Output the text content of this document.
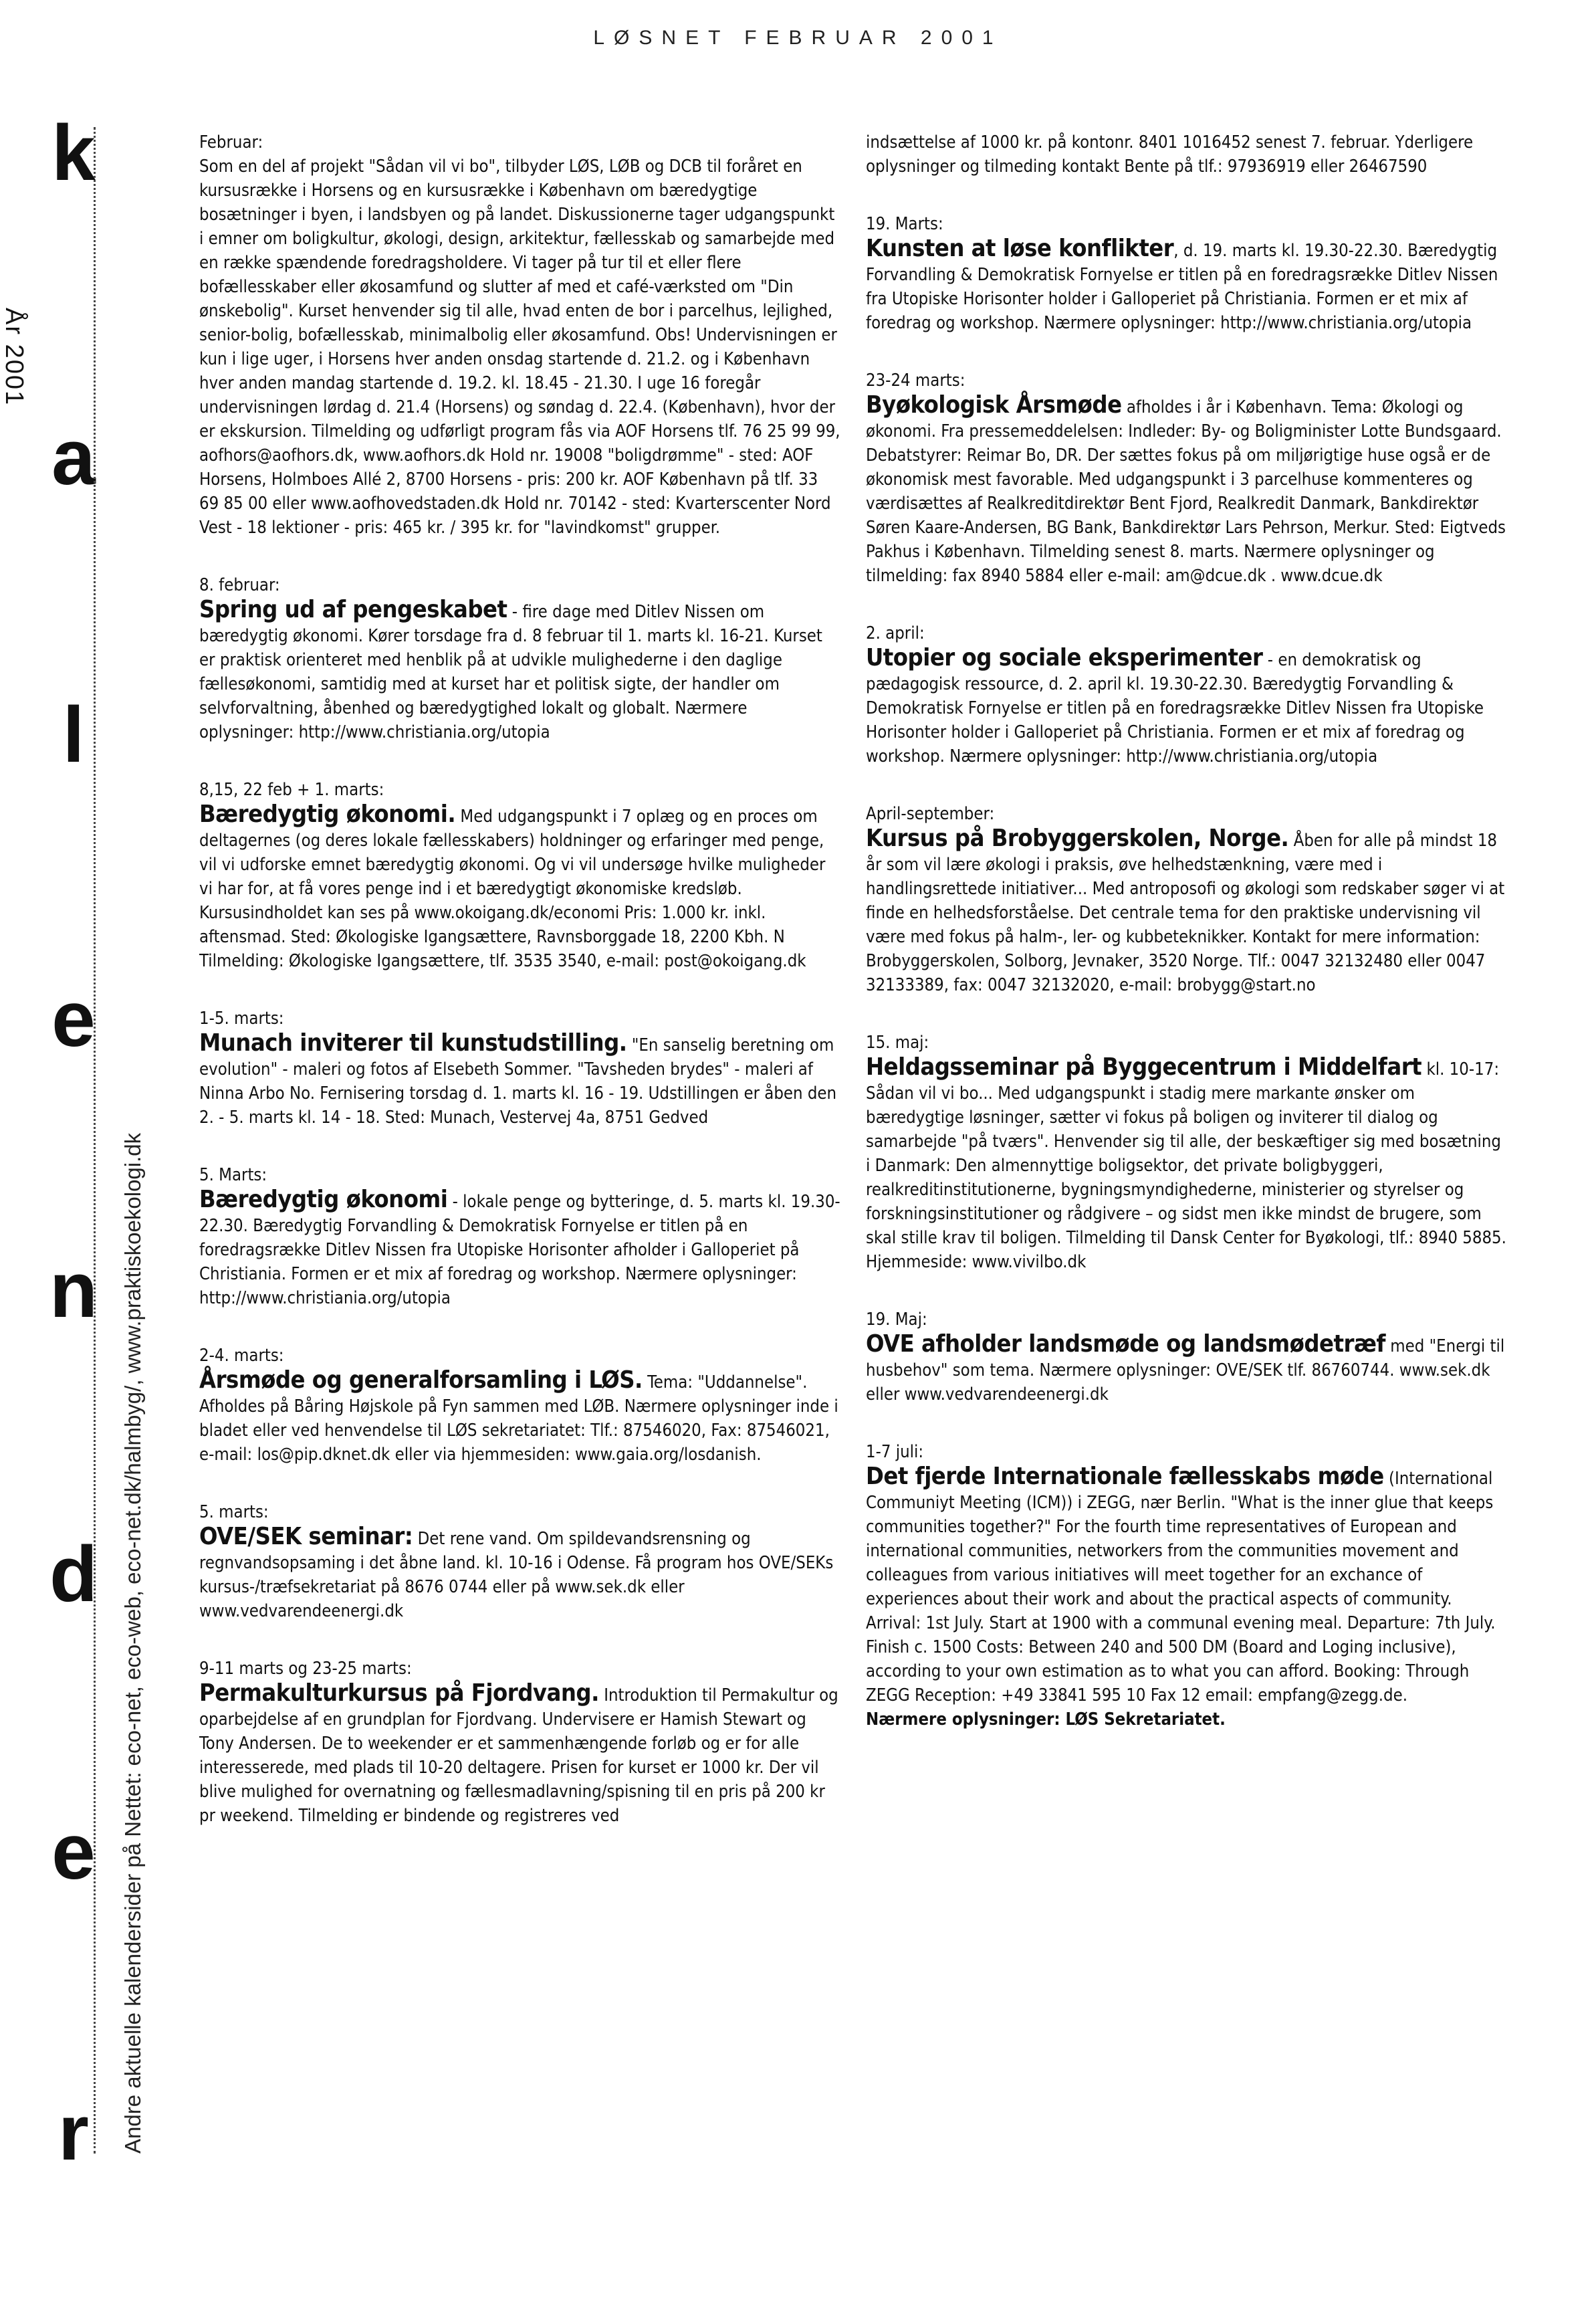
LØSNET FEBRUAR 2001
k
a
l
e
n
d
e
r
År 2001
Andre aktuelle kalendersider på Nettet: eco-net, eco-web, eco-net.dk/halmbyg/, www.praktiskoekologi.dk
Februar:
Som en del af projekt "Sådan vil vi bo", tilbyder LØS, LØB og DCB til foråret en kursusrække i Horsens og en kursusrække i København om bæredygtige bosætninger i byen, i landsbyen og på landet. Diskussionerne tager udgangspunkt i emner om boligkultur, økologi, design, arkitektur, fællesskab og samarbejde med en række spændende foredragsholdere. Vi tager på tur til et eller flere bofællesskaber eller økosamfund og slutter af med et café-værksted om "Din ønskebolig". Kurset henvender sig til alle, hvad enten de bor i parcelhus, lejlighed, senior-bolig, bofællesskab, minimalbolig eller økosamfund. Obs! Undervisningen er kun i lige uger, i Horsens hver anden onsdag startende d. 21.2. og i København hver anden mandag startende d. 19.2. kl. 18.45 - 21.30. I uge 16 foregår undervisningen lørdag d. 21.4 (Horsens) og søndag d. 22.4. (København), hvor der er ekskursion. Tilmelding og udførligt program fås via AOF Horsens tlf. 76 25 99 99, aofhors@aofhors.dk, www.aofhors.dk Hold nr. 19008 "boligdrømme" - sted: AOF Horsens, Holmboes Allé 2, 8700 Horsens - pris: 200 kr. AOF København på tlf. 33 69 85 00 eller www.aofhovedstaden.dk Hold nr. 70142 - sted: Kvarterscenter Nord Vest - 18 lektioner - pris: 465 kr. / 395 kr. for "lavindkomst" grupper.
8. februar:
Spring ud af pengeskabet - fire dage med Ditlev Nissen om bæredygtig økonomi. Kører torsdage fra d. 8 februar til 1. marts kl. 16-21. Kurset er praktisk orienteret med henblik på at udvikle mulighederne i den daglige fællesøkonomi, samtidig med at kurset har et politisk sigte, der handler om selvforvaltning, åbenhed og bæredygtighed lokalt og globalt. Nærmere oplysninger: http://www.christiania.org/utopia
8,15, 22 feb + 1. marts:
Bæredygtig økonomi. Med udgangspunkt i 7 oplæg og en proces om deltagernes (og deres lokale fællesskabers) holdninger og erfaringer med penge, vil vi udforske emnet bæredygtig økonomi. Og vi vil undersøge hvilke muligheder vi har for, at få vores penge ind i et bæredygtigt økonomiske kredsløb. Kursusindholdet kan ses på www.okoigang.dk/economi Pris: 1.000 kr. inkl. aftensmad. Sted: Økologiske Igangsættere, Ravnsborggade 18, 2200 Kbh. N Tilmelding: Økologiske Igangsættere, tlf. 3535 3540, e-mail: post@okoigang.dk
1-5. marts:
Munach inviterer til kunstudstilling. "En sanselig beretning om evolution" - maleri og fotos af Elsebeth Sommer. "Tavsheden brydes" - maleri af Ninna Arbo No. Fernisering torsdag d. 1. marts kl. 16 - 19. Udstillingen er åben den 2. - 5. marts kl. 14 - 18. Sted: Munach, Vestervej 4a, 8751 Gedved
5. Marts:
Bæredygtig økonomi - lokale penge og bytteringe, d. 5. marts kl. 19.30-22.30. Bæredygtig Forvandling & Demokratisk Fornyelse er titlen på en foredragsrække Ditlev Nissen fra Utopiske Horisonter afholder i Galloperiet på Christiania. Formen er et mix af foredrag og workshop. Nærmere oplysninger: http://www.christiania.org/utopia
2-4. marts:
Årsmøde og generalforsamling i LØS. Tema: "Uddannelse". Afholdes på Båring Højskole på Fyn sammen med LØB. Nærmere oplysninger inde i bladet eller ved henvendelse til LØS sekretariatet: Tlf.: 87546020, Fax: 87546021, e-mail: los@pip.dknet.dk eller via hjemmesiden: www.gaia.org/losdanish.
5. marts:
OVE/SEK seminar: Det rene vand. Om spildevandsrensning og regnvandsopsaming i det åbne land. kl. 10-16 i Odense. Få program hos OVE/SEKs kursus-/træfsekretariat på 8676 0744 eller på www.sek.dk eller www.vedvarendeenergi.dk
9-11 marts og 23-25 marts:
Permakulturkursus på Fjordvang. Introduktion til Permakultur og oparbejdelse af en grundplan for Fjordvang. Undervisere er Hamish Stewart og Tony Andersen. De to weekender er et sammenhængende forløb og er for alle interesserede, med plads til 10-20 deltagere. Prisen for kurset er 1000 kr. Der vil blive mulighed for overnatning og fællesmadlavning/spisning til en pris på 200 kr pr weekend. Tilmelding er bindende og registreres ved
indsættelse af 1000 kr. på kontonr. 8401 1016452 senest 7. februar. Yderligere oplysninger og tilmeding kontakt Bente på tlf.: 97936919 eller 26467590
19. Marts:
Kunsten at løse konflikter, d. 19. marts kl. 19.30-22.30. Bæredygtig Forvandling & Demokratisk Fornyelse er titlen på en foredragsrække Ditlev Nissen fra Utopiske Horisonter holder i Galloperiet på Christiania. Formen er et mix af foredrag og workshop. Nærmere oplysninger: http://www.christiania.org/utopia
23-24 marts:
Byøkologisk Årsmøde afholdes i år i København. Tema: Økologi og økonomi. Fra pressemeddelelsen: Indleder: By- og Boligminister Lotte Bundsgaard. Debatstyrer: Reimar Bo, DR. Der sættes fokus på om miljørigtige huse også er de økonomisk mest favorable. Med udgangspunkt i 3 parcelhuse kommenteres og værdisættes af Realkreditdirektør Bent Fjord, Realkredit Danmark, Bankdirektør Søren Kaare-Andersen, BG Bank, Bankdirektør Lars Pehrson, Merkur. Sted: Eigtveds Pakhus i København. Tilmelding senest 8. marts. Nærmere oplysninger og tilmelding: fax 8940 5884 eller e-mail: am@dcue.dk . www.dcue.dk
2. april:
Utopier og sociale eksperimenter - en demokratisk og pædagogisk ressource, d. 2. april kl. 19.30-22.30. Bæredygtig Forvandling & Demokratisk Fornyelse er titlen på en foredragsrække Ditlev Nissen fra Utopiske Horisonter holder i Galloperiet på Christiania. Formen er et mix af foredrag og workshop. Nærmere oplysninger: http://www.christiania.org/utopia
April-september:
Kursus på Brobyggerskolen, Norge. Åben for alle på mindst 18 år som vil lære økologi i praksis, øve helhedstænkning, være med i handlingsrettede initiativer... Med antroposofi og økologi som redskaber søger vi at finde en helhedsforståelse. Det centrale tema for den praktiske undervisning vil være med fokus på halm-, ler- og kubbeteknikker. Kontakt for mere information: Brobyggerskolen, Solborg, Jevnaker, 3520 Norge. Tlf.: 0047 32132480 eller 0047 32133389, fax: 0047 32132020, e-mail: brobygg@start.no
15. maj:
Heldagsseminar på Byggecentrum i Middelfart kl. 10-17: Sådan vil vi bo... Med udgangspunkt i stadig mere markante ønsker om bæredygtige løsninger, sætter vi fokus på boligen og inviterer til dialog og samarbejde "på tværs". Henvender sig til alle, der beskæftiger sig med bosætning i Danmark: Den almennyttige boligsektor, det private boligbyggeri, realkreditinstitutionerne, bygningsmyndighederne, ministerier og styrelser og forskningsinstitutioner og rådgivere – og sidst men ikke mindst de brugere, som skal stille krav til boligen. Tilmelding til Dansk Center for Byøkologi, tlf.: 8940 5885. Hjemmeside: www.vivilbo.dk
19. Maj:
OVE afholder landsmøde og landsmødetræf med "Energi til husbehov" som tema. Nærmere oplysninger: OVE/SEK tlf. 86760744. www.sek.dk eller www.vedvarendeenergi.dk
1-7 juli:
Det fjerde Internationale fællesskabs møde (International Communiyt Meeting (ICM)) i ZEGG, nær Berlin. "What is the inner glue that keeps communities together?" For the fourth time representatives of European and international communities, networkers from the communities movement and colleagues from various initiatives will meet together for an exchance of experiences about their work and about the practical aspects of community. Arrival: 1st July. Start at 1900 with a communal evening meal. Departure: 7th July. Finish c. 1500 Costs: Between 240 and 500 DM (Board and Loging inclusive), according to your own estimation as to what you can afford. Booking: Through ZEGG Reception: +49 33841 595 10 Fax 12 email: empfang@zegg.de.
Nærmere oplysninger: LØS Sekretariatet.
